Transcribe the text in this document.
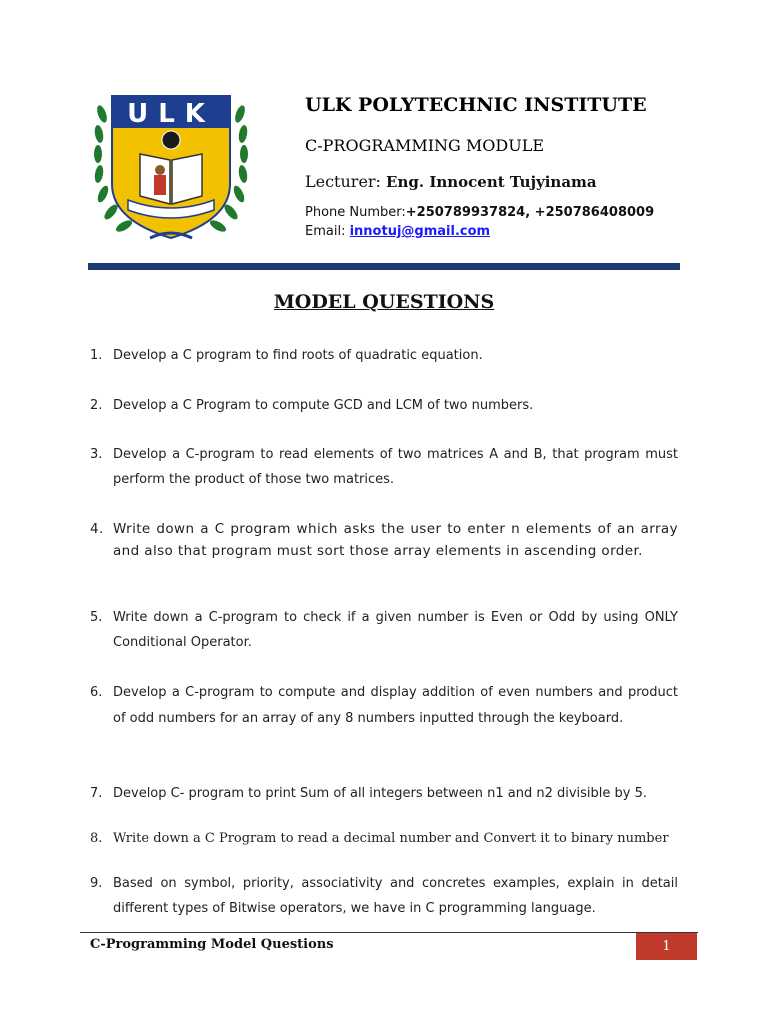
ULK	ULK POLYTECHNIC INSTITUTE
C-PROGRAMMING MODULE
Lecturer: Eng. Innocent Tujyinama
Phone Number:+250789937824, +250786408009
Email: innotuj@gmail.com
MODEL QUESTIONS
1. Develop a C program to find roots of quadratic equation.
2. Develop a C Program to compute GCD and LCM of two numbers.
3. Develop a C-program to read elements of two matrices A and B, that program must perform the product of those two matrices.
4. Write down a C program which asks the user to enter n elements of an array and also that program must sort those array elements in ascending order.
5. Write down a C-program to check if a given number is Even or Odd by using ONLY Conditional Operator.
6. Develop a C-program to compute and display addition of even numbers and product of odd numbers for an array of any 8 numbers inputted through the keyboard.
7. Develop C- program to print Sum of all integers between n1 and n2 divisible by 5.
8. Write down a C Program to read a decimal number and Convert it to binary number
9. Based on symbol, priority, associativity and concretes examples, explain in detail different types of Bitwise operators, we have in C programming language.
C-Programming Model Questions	1
